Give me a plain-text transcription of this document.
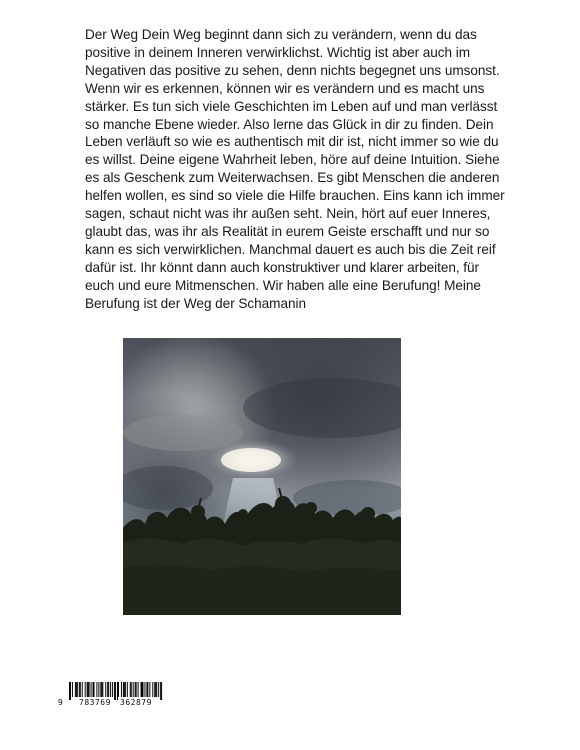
Der Weg Dein Weg beginnt dann sich zu verändern, wenn du das positive in deinem Inneren verwirklichst. Wichtig ist aber auch im Negativen das positive zu sehen, denn nichts begegnet uns umsonst. Wenn wir es erkennen, können wir es verändern und es macht uns stärker. Es tun sich viele Geschichten im Leben auf und man verlässt so manche Ebene wieder. Also lerne das Glück in dir zu finden. Dein Leben verläuft so wie es authentisch mit dir ist, nicht immer so wie du es willst. Deine eigene Wahrheit leben, höre auf deine Intuition. Siehe es als Geschenk zum Weiterwachsen. Es gibt Menschen die anderen helfen wollen, es sind so viele die Hilfe brauchen. Eins kann ich immer sagen, schaut nicht was ihr außen seht. Nein, hört auf euer Inneres, glaubt das, was ihr als Realität in eurem Geiste erschafft und nur so kann es sich verwirklichen. Manchmal dauert es auch bis die Zeit reif dafür ist. Ihr könnt dann auch konstruktiver und klarer arbeiten, für euch und eure Mitmenschen. Wir haben alle eine Berufung! Meine Berufung ist der Weg der Schamanin

9 783769 362879
